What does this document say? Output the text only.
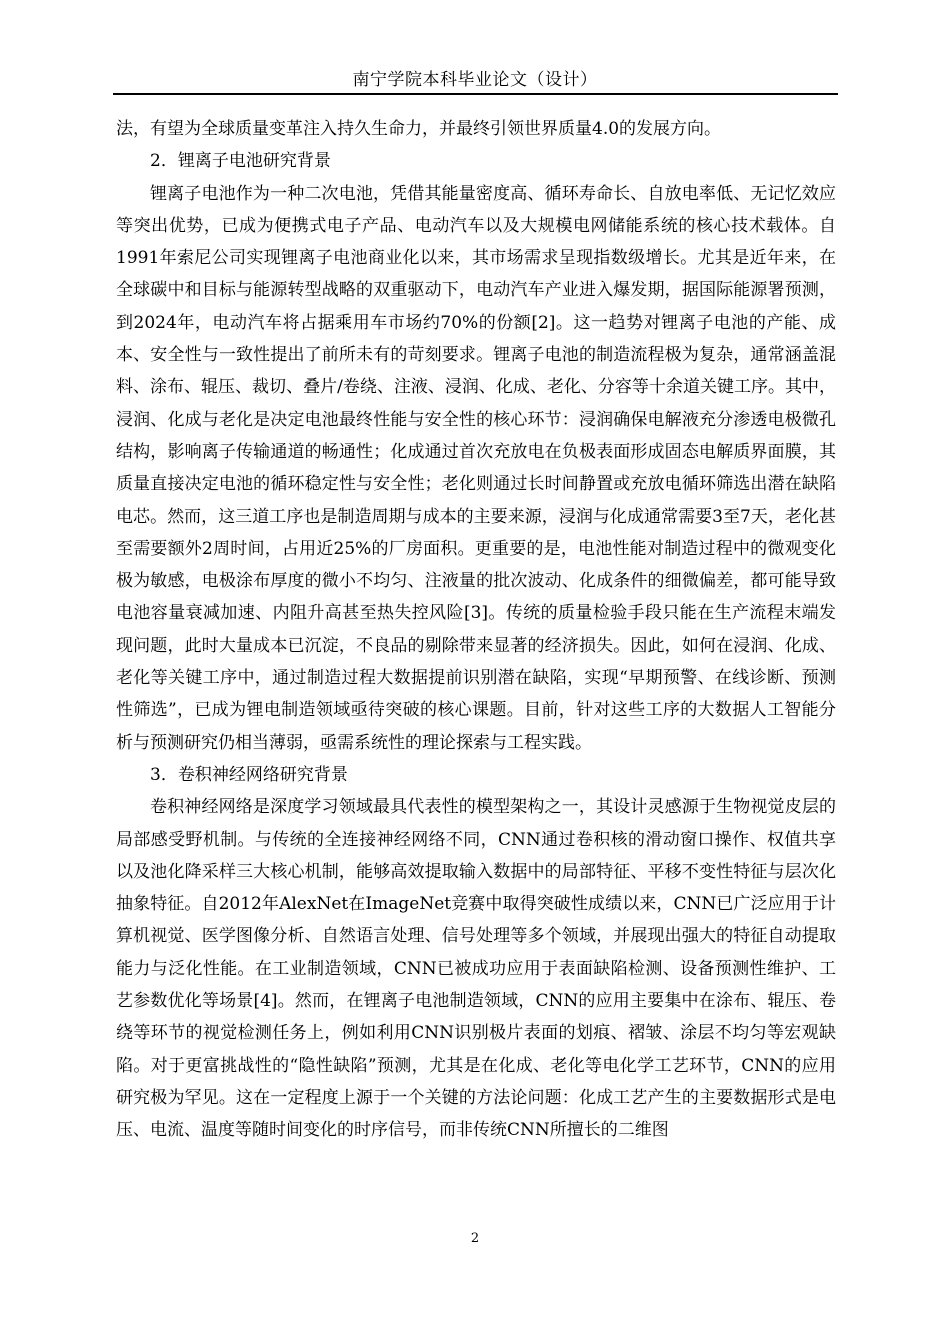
南宁学院本科毕业论文（设计）

法，有望为全球质量变革注入持久生命力，并最终引领世界质量4.0的发展方向。

2．锂离子电池研究背景

锂离子电池作为一种二次电池，凭借其能量密度高、循环寿命长、自放电率低、无记忆效应等突出优势，已成为便携式电子产品、电动汽车以及大规模电网储能系统的核心技术载体。自1991年索尼公司实现锂离子电池商业化以来，其市场需求呈现指数级增长。尤其是近年来，在全球碳中和目标与能源转型战略的双重驱动下，电动汽车产业进入爆发期，据国际能源署预测，到2024年，电动汽车将占据乘用车市场约70%的份额[2]。这一趋势对锂离子电池的产能、成本、安全性与一致性提出了前所未有的苛刻要求。锂离子电池的制造流程极为复杂，通常涵盖混料、涂布、辊压、裁切、叠片/卷绕、注液、浸润、化成、老化、分容等十余道关键工序。其中，浸润、化成与老化是决定电池最终性能与安全性的核心环节：浸润确保电解液充分渗透电极微孔结构，影响离子传输通道的畅通性；化成通过首次充放电在负极表面形成固态电解质界面膜，其质量直接决定电池的循环稳定性与安全性；老化则通过长时间静置或充放电循环筛选出潜在缺陷电芯。然而，这三道工序也是制造周期与成本的主要来源，浸润与化成通常需要3至7天，老化甚至需要额外2周时间，占用近25%的厂房面积。更重要的是，电池性能对制造过程中的微观变化极为敏感，电极涂布厚度的微小不均匀、注液量的批次波动、化成条件的细微偏差，都可能导致电池容量衰减加速、内阻升高甚至热失控风险[3]。传统的质量检验手段只能在生产流程末端发现问题，此时大量成本已沉淀，不良品的剔除带来显著的经济损失。因此，如何在浸润、化成、老化等关键工序中，通过制造过程大数据提前识别潜在缺陷，实现“早期预警、在线诊断、预测性筛选”，已成为锂电制造领域亟待突破的核心课题。目前，针对这些工序的大数据人工智能分析与预测研究仍相当薄弱，亟需系统性的理论探索与工程实践。

3．卷积神经网络研究背景

卷积神经网络是深度学习领域最具代表性的模型架构之一，其设计灵感源于生物视觉皮层的局部感受野机制。与传统的全连接神经网络不同，CNN通过卷积核的滑动窗口操作、权值共享以及池化降采样三大核心机制，能够高效提取输入数据中的局部特征、平移不变性特征与层次化抽象特征。自2012年AlexNet在ImageNet竞赛中取得突破性成绩以来，CNN已广泛应用于计算机视觉、医学图像分析、自然语言处理、信号处理等多个领域，并展现出强大的特征自动提取能力与泛化性能。在工业制造领域，CNN已被成功应用于表面缺陷检测、设备预测性维护、工艺参数优化等场景[4]。然而，在锂离子电池制造领域，CNN的应用主要集中在涂布、辊压、卷绕等环节的视觉检测任务上，例如利用CNN识别极片表面的划痕、褶皱、涂层不均匀等宏观缺陷。对于更富挑战性的“隐性缺陷”预测，尤其是在化成、老化等电化学工艺环节，CNN的应用研究极为罕见。这在一定程度上源于一个关键的方法论问题：化成工艺产生的主要数据形式是电压、电流、温度等随时间变化的时序信号，而非传统CNN所擅长的二维图

2
